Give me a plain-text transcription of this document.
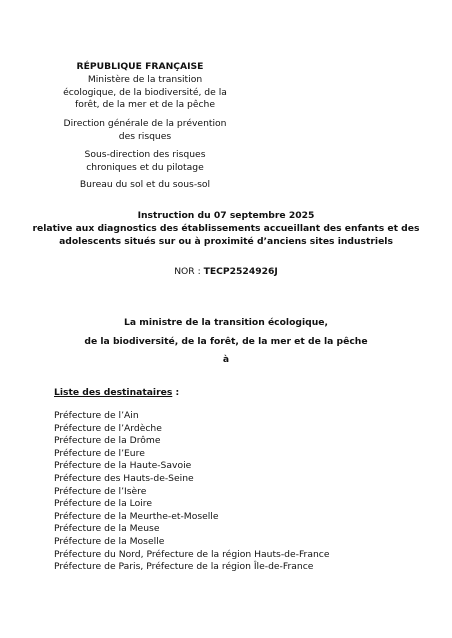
RÉPUBLIQUE FRANÇAISE
Ministère de la transition
écologique, de la biodiversité, de la
forêt, de la mer et de la pêche
Direction générale de la prévention
des risques
Sous-direction des risques
chroniques et du pilotage
Bureau du sol et du sous-sol
Instruction du 07 septembre 2025
relative aux diagnostics des établissements accueillant des enfants et des
adolescents situés sur ou à proximité d’anciens sites industriels
NOR : TECP2524926J
La ministre de la transition écologique,
de la biodiversité, de la forêt, de la mer et de la pêche
à
Liste des destinataires :
Préfecture de l’Ain
Préfecture de l’Ardèche
Préfecture de la Drôme
Préfecture de l’Eure
Préfecture de la Haute-Savoie
Préfecture des Hauts-de-Seine
Préfecture de l’Isère
Préfecture de la Loire
Préfecture de la Meurthe-et-Moselle
Préfecture de la Meuse
Préfecture de la Moselle
Préfecture du Nord, Préfecture de la région Hauts-de-France
Préfecture de Paris, Préfecture de la région Île-de-France
